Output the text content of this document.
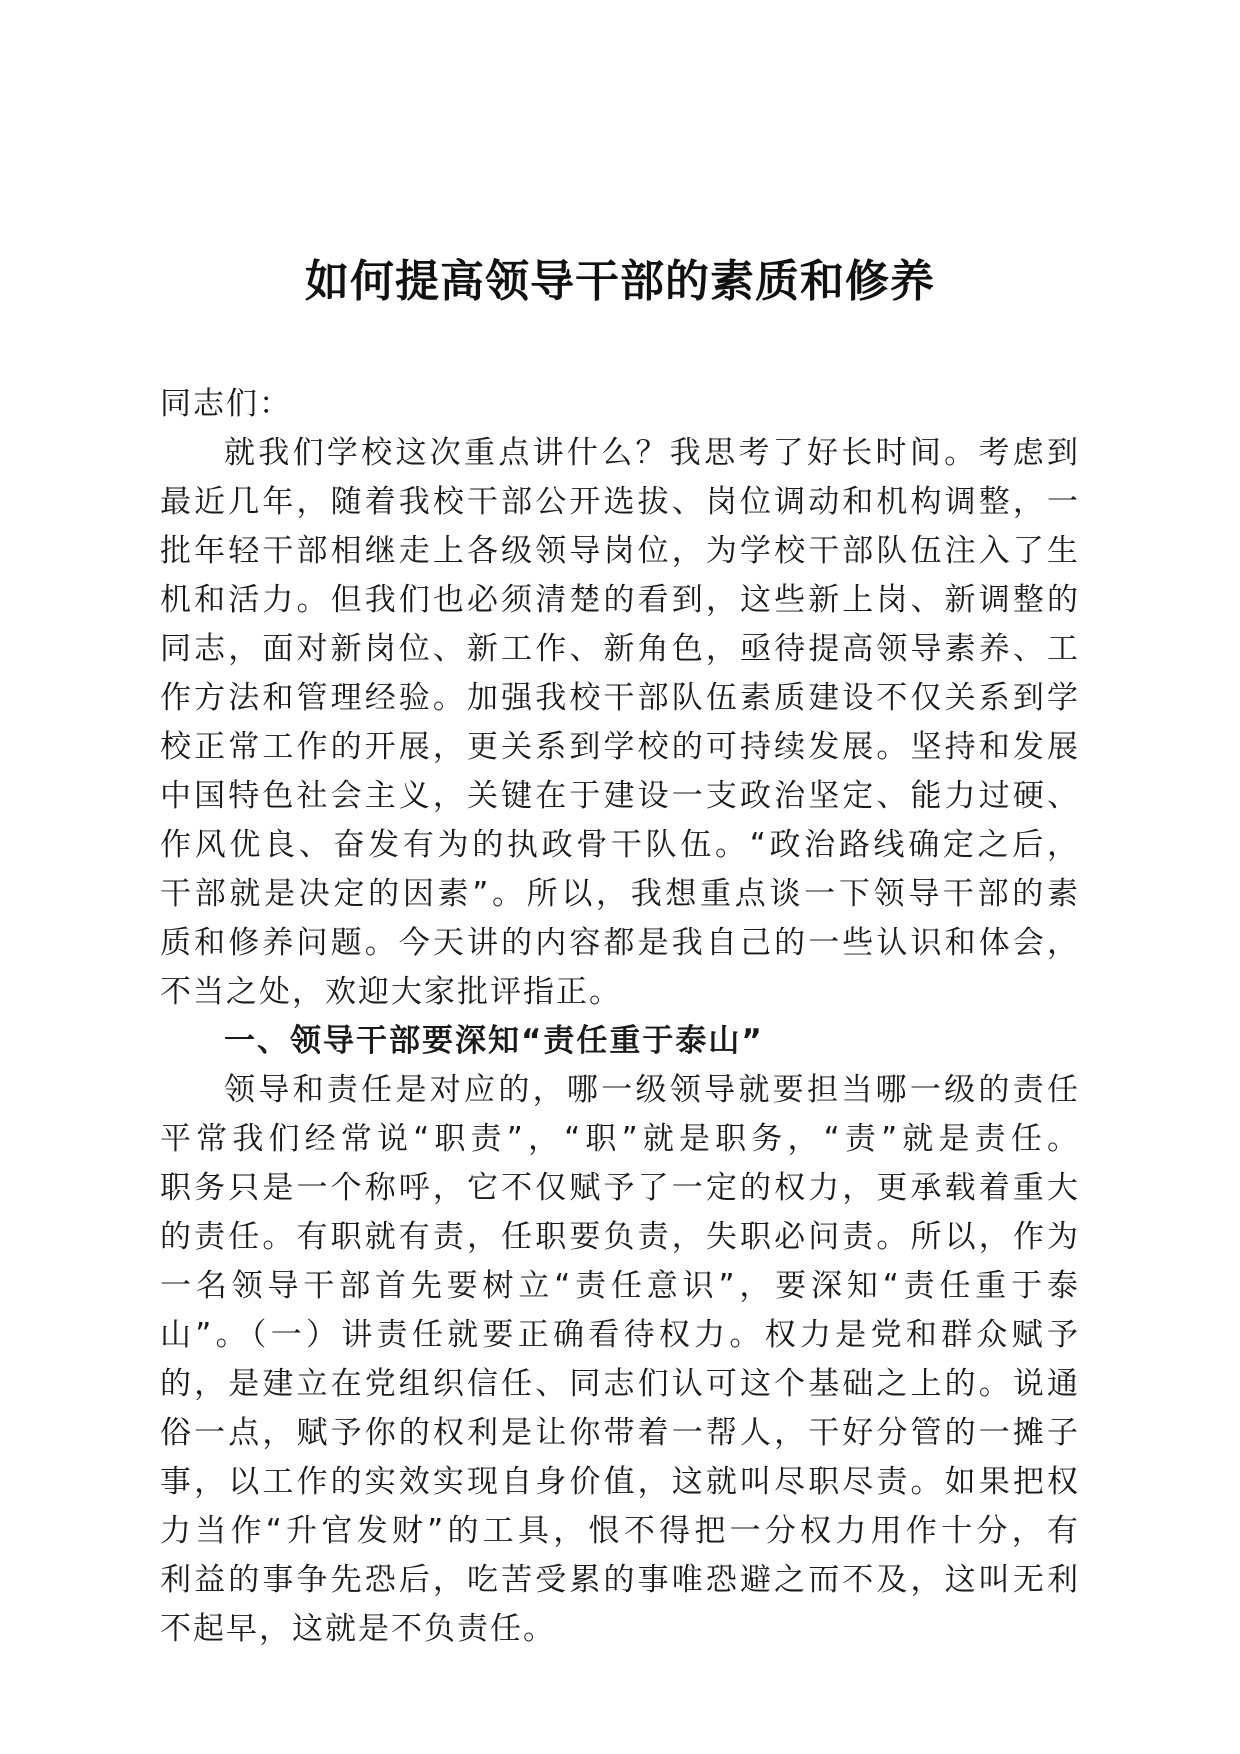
如何提高领导干部的素质和修养
同志们：
就我们学校这次重点讲什么？我思考了好长时间。考虑到
最近几年，随着我校干部公开选拔、岗位调动和机构调整，一
批年轻干部相继走上各级领导岗位，为学校干部队伍注入了生
机和活力。但我们也必须清楚的看到，这些新上岗、新调整的
同志，面对新岗位、新工作、新角色，亟待提高领导素养、工
作方法和管理经验。加强我校干部队伍素质建设不仅关系到学
校正常工作的开展，更关系到学校的可持续发展。坚持和发展
中国特色社会主义，关键在于建设一支政治坚定、能力过硬、
作风优良、奋发有为的执政骨干队伍。“政治路线确定之后，
干部就是决定的因素”。所以，我想重点谈一下领导干部的素
质和修养问题。今天讲的内容都是我自己的一些认识和体会，
不当之处，欢迎大家批评指正。
一、领导干部要深知“责任重于泰山”
领导和责任是对应的，哪一级领导就要担当哪一级的责任
平常我们经常说“职责”，“职”就是职务，“责”就是责任。
职务只是一个称呼，它不仅赋予了一定的权力，更承载着重大
的责任。有职就有责，任职要负责，失职必问责。所以，作为
一名领导干部首先要树立“责任意识”，要深知“责任重于泰
山”。（一）讲责任就要正确看待权力。权力是党和群众赋予
的，是建立在党组织信任、同志们认可这个基础之上的。说通
俗一点，赋予你的权利是让你带着一帮人，干好分管的一摊子
事，以工作的实效实现自身价值，这就叫尽职尽责。如果把权
力当作“升官发财”的工具，恨不得把一分权力用作十分，有
利益的事争先恐后，吃苦受累的事唯恐避之而不及，这叫无利
不起早，这就是不负责任。
